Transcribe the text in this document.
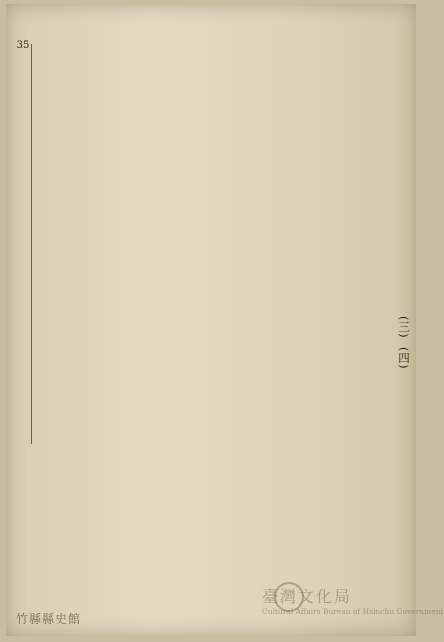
35
(三) (四)
竹縣縣史館
臺灣文化局
Cultural Affairs Bureau of Hsinchu Government
